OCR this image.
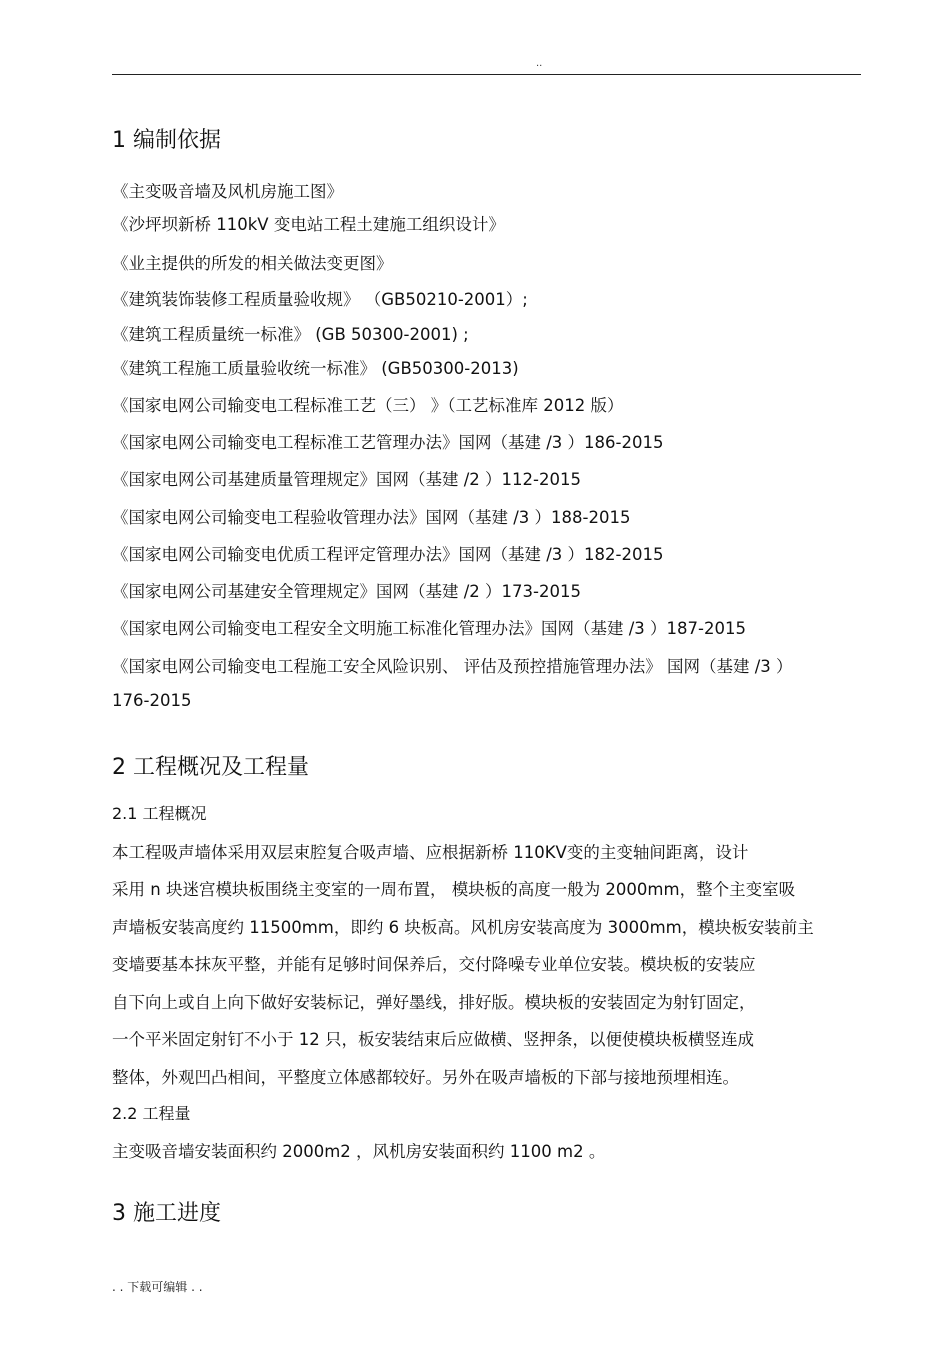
..
1 编制依据
《主变吸音墙及风机房施工图》
《沙坪坝新桥 110kV 变电站工程土建施工组织设计》
《业主提供的所发的相关做法变更图》
《建筑装饰装修工程质量验收规》 （GB50210-2001）;
《建筑工程质量统一标准》 (GB 50300-2001) ;
《建筑工程施工质量验收统一标准》 (GB50300-2013)
《国家电网公司输变电工程标准工艺（三） 》（工艺标准库 2012 版）
《国家电网公司输变电工程标准工艺管理办法》国网（基建 /3 ）186-2015
《国家电网公司基建质量管理规定》国网（基建 /2 ）112-2015
《国家电网公司输变电工程验收管理办法》国网（基建 /3 ）188-2015
《国家电网公司输变电优质工程评定管理办法》国网（基建 /3 ）182-2015
《国家电网公司基建安全管理规定》国网（基建 /2 ）173-2015
《国家电网公司输变电工程安全文明施工标准化管理办法》国网（基建 /3 ）187-2015
《国家电网公司输变电工程施工安全风险识别、 评估及预控措施管理办法》 国网（基建 /3 ）
176-2015
2 工程概况及工程量
2.1 工程概况
本工程吸声墙体采用双层束腔复合吸声墙、应根据新桥 110KV变的主变轴间距离，设计
采用 n 块迷宫模块板围绕主变室的一周布置， 模块板的高度一般为 2000mm，整个主变室吸
声墙板安装高度约 11500mm，即约 6 块板高。风机房安装高度为 3000mm，模块板安装前主
变墙要基本抹灰平整，并能有足够时间保养后，交付降噪专业单位安装。模块板的安装应
自下向上或自上向下做好安装标记，弹好墨线，排好版。模块板的安装固定为射钉固定，
一个平米固定射钉不小于 12 只，板安装结束后应做横、竖押条，以便使模块板横竖连成
整体，外观凹凸相间，平整度立体感都较好。另外在吸声墙板的下部与接地预埋相连。
2.2 工程量
主变吸音墙安装面积约 2000m2 ，风机房安装面积约 1100 m2 。
3 施工进度
. . 下载可编辑 . .
